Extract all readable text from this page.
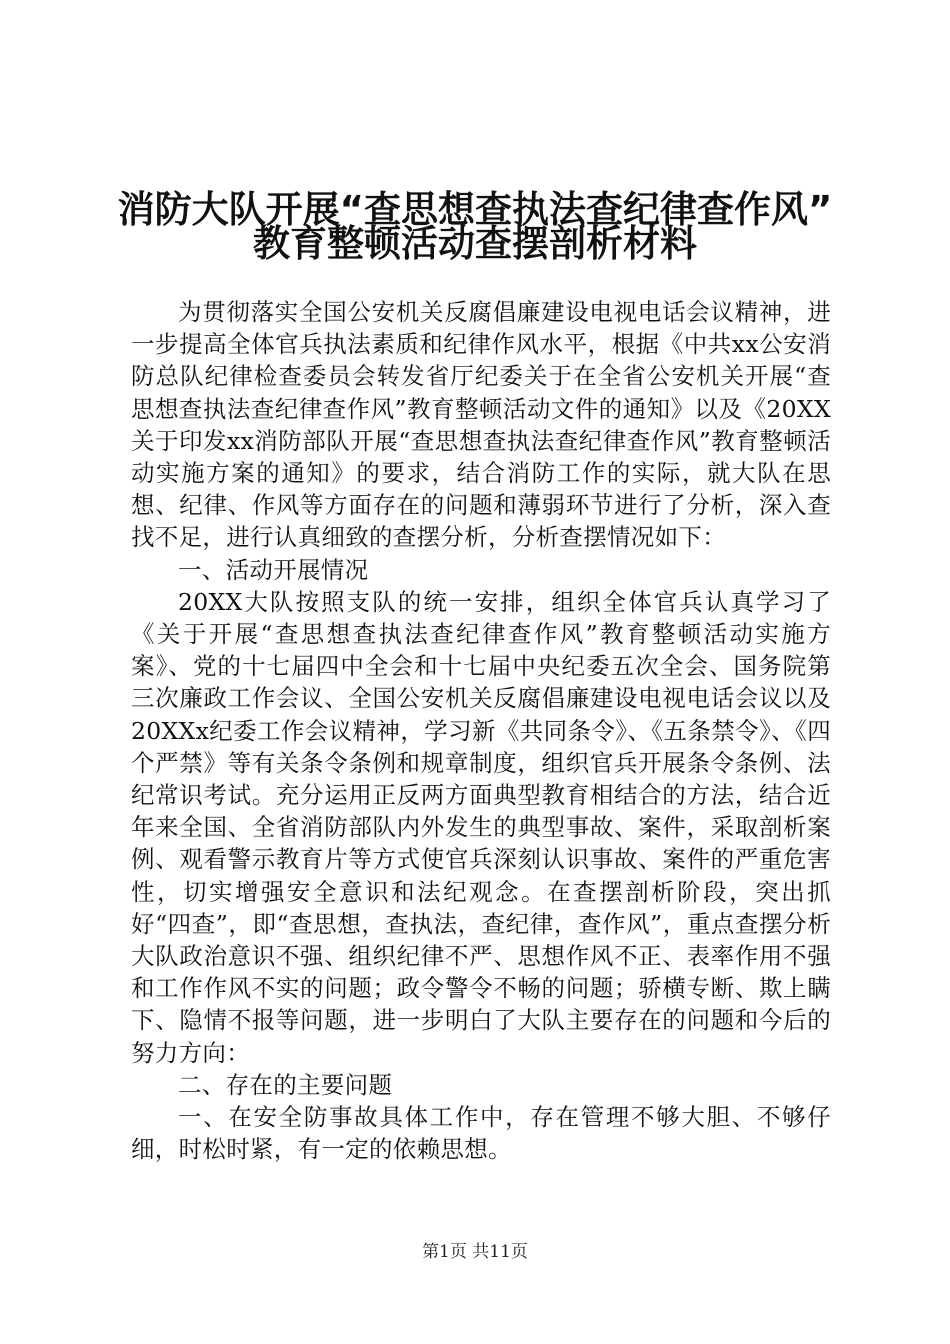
消防大队开展“查思想查执法查纪律查作风”
教育整顿活动查摆剖析材料

为贯彻落实全国公安机关反腐倡廉建设电视电话会议精神，进一步提高全体官兵执法素质和纪律作风水平，根据《中共xx公安消防总队纪律检查委员会转发省厅纪委关于在全省公安机关开展“查思想查执法查纪律查作风”教育整顿活动文件的通知》以及《20XX关于印发xx消防部队开展“查思想查执法查纪律查作风”教育整顿活动实施方案的通知》的要求，结合消防工作的实际，就大队在思想、纪律、作风等方面存在的问题和薄弱环节进行了分析，深入查找不足，进行认真细致的查摆分析，分析查摆情况如下：

一、活动开展情况

20XX大队按照支队的统一安排，组织全体官兵认真学习了《关于开展“查思想查执法查纪律查作风”教育整顿活动实施方案》、党的十七届四中全会和十七届中央纪委五次全会、国务院第三次廉政工作会议、全国公安机关反腐倡廉建设电视电话会议以及20XXx纪委工作会议精神，学习新《共同条令》、《五条禁令》、《四个严禁》等有关条令条例和规章制度，组织官兵开展条令条例、法纪常识考试。充分运用正反两方面典型教育相结合的方法，结合近年来全国、全省消防部队内外发生的典型事故、案件，采取剖析案例、观看警示教育片等方式使官兵深刻认识事故、案件的严重危害性，切实增强安全意识和法纪观念。在查摆剖析阶段，突出抓好“四查”，即“查思想，查执法，查纪律，查作风”，重点查摆分析大队政治意识不强、组织纪律不严、思想作风不正、表率作用不强和工作作风不实的问题；政令警令不畅的问题；骄横专断、欺上瞒下、隐情不报等问题，进一步明白了大队主要存在的问题和今后的努力方向：

二、存在的主要问题

一、在安全防事故具体工作中，存在管理不够大胆、不够仔细，时松时紧，有一定的依赖思想。

第1页 共11页
